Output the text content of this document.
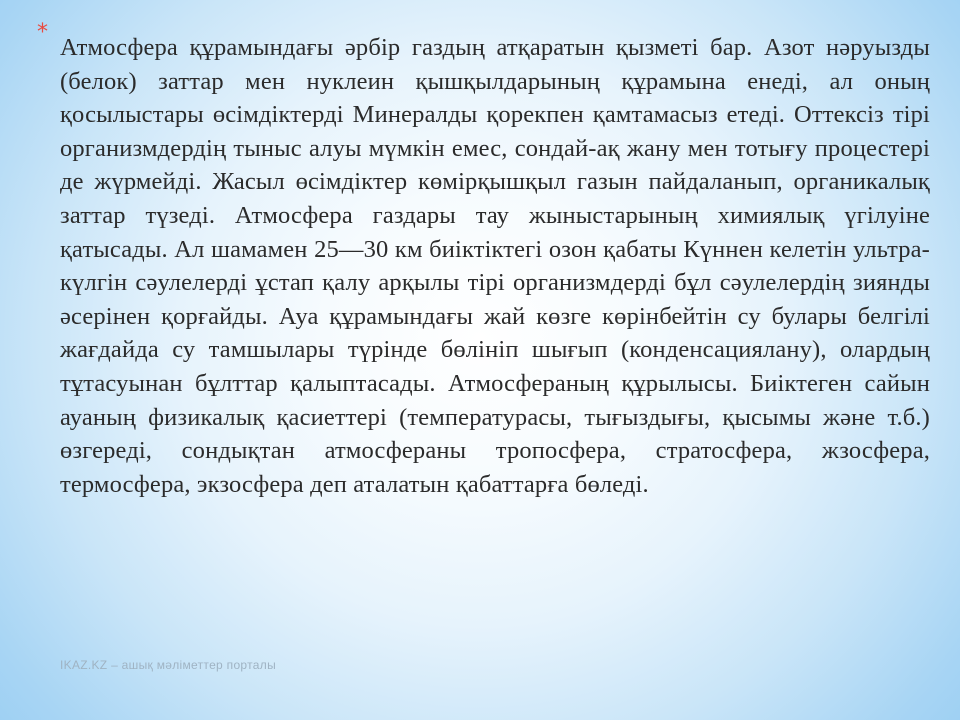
*

Атмосфера құрамындағы әрбір газдың атқаратын қызметі бар. Азот нәруызды (белок) заттар мен нуклеин қышқылдарының құрамына енеді, ал оның қосылыстары өсімдіктерді Минералды қорекпен қамтамасыз етеді. Оттексіз тірі организмдердің тыныс алуы мүмкін емес, сондай-ақ жану мен тотығу процестері де жүрмейді. Жасыл өсімдіктер көмірқышқыл газын пайдаланып, органикалық заттар түзеді. Атмосфера газдары тау жыныстарының химиялық үгілуіне қатысады. Ал шамамен 25—30 км биіктіктегі озон қабаты Күннен келетін ультра-күлгін сәулелерді ұстап қалу арқылы тірі организмдерді бұл сәулелердің зиянды әсерінен қорғайды. Ауа құрамындағы жай көзге көрінбейтін су булары белгілі жағдайда су тамшылары түрінде бөлініп шығып (конденсациялану), олардың тұтасуынан бұлттар қалыптасады. Атмосфераның құрылысы. Биіктеген сайын ауаның физикалық қасиеттері (температурасы, тығыздығы, қысымы және т.б.) өзгереді, сондықтан атмосфераны тропосфера, стратосфера, жзосфера, термосфера, экзосфера деп аталатын қабаттарға бөледі.

IKAZ.KZ – ашық мәліметтер порталы
